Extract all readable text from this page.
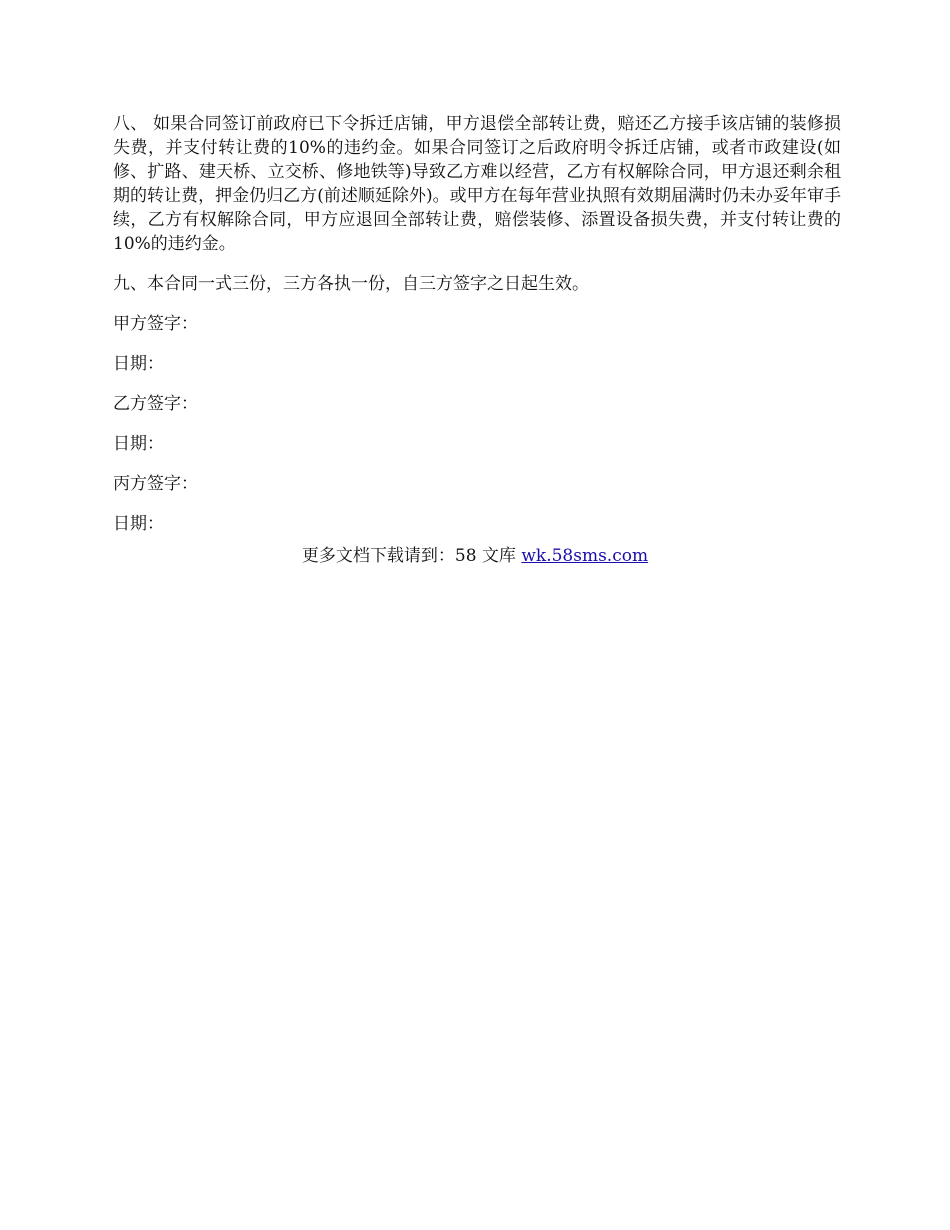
八、 如果合同签订前政府已下令拆迁店铺，甲方退偿全部转让费，赔还乙方接手该店铺的装修损失费，并支付转让费的10%的违约金。如果合同签订之后政府明令拆迁店铺，或者市政建设(如修、扩路、建天桥、立交桥、修地铁等)导致乙方难以经营，乙方有权解除合同，甲方退还剩余租期的转让费，押金仍归乙方(前述顺延除外)。或甲方在每年营业执照有效期届满时仍未办妥年审手续，乙方有权解除合同，甲方应退回全部转让费，赔偿装修、添置设备损失费，并支付转让费的10%的违约金。

九、本合同一式三份，三方各执一份，自三方签字之日起生效。

甲方签字：

日期：

乙方签字：

日期：

丙方签字：

日期：

更多文档下载请到：58 文库 wk.58sms.com
